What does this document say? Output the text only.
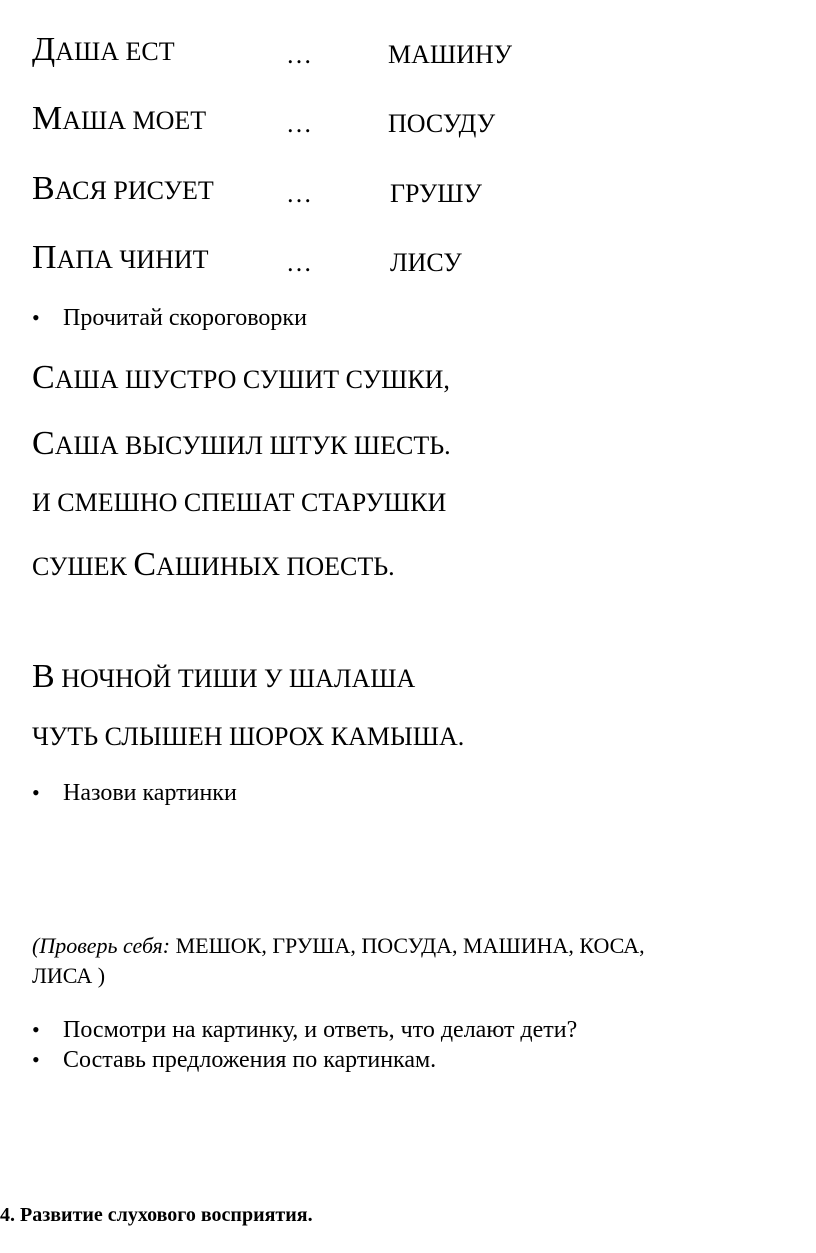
ДАША ЕСТ	…	МАШИНУ
МАША МОЕТ	…	ПОСУДУ
ВАСЯ РИСУЕТ	…	ГРУШУ
ПАПА ЧИНИТ	…	ЛИСУ
• Прочитай скороговорки
САША ШУСТРО СУШИТ СУШКИ,
САША ВЫСУШИЛ ШТУК ШЕСТЬ.
И СМЕШНО СПЕШАТ СТАРУШКИ
СУШЕК САШИНЫХ ПОЕСТЬ.
В НОЧНОЙ ТИШИ У ШАЛАША
ЧУТЬ СЛЫШЕН ШОРОХ КАМЫША.
• Назови картинки
(Проверь себя: МЕШОК, ГРУША, ПОСУДА, МАШИНА, КОСА,
ЛИСА )
• Посмотри на картинку, и ответь, что делают дети?
• Составь предложения по картинкам.
4. Развитие слухового восприятия.
